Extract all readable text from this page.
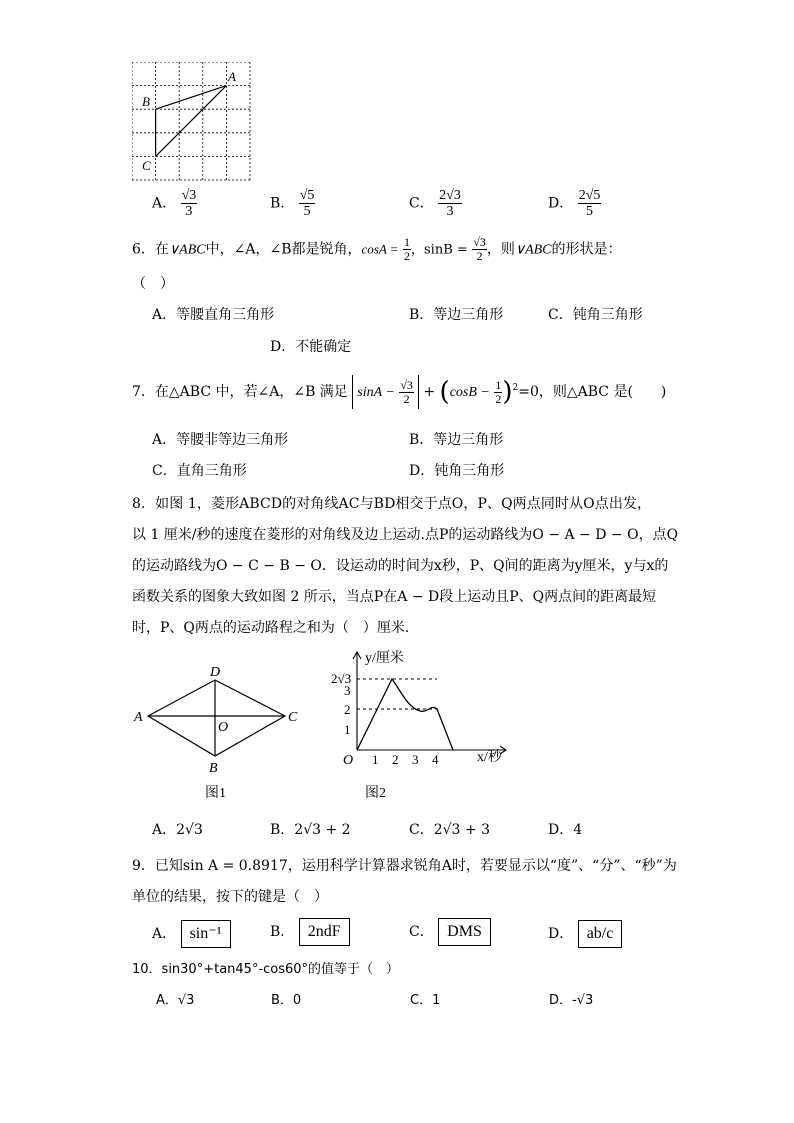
A
B
C
A． $\frac{√3}{3}$	B． $\frac{√5}{5}$	C． $\frac{2√3}{3}$	D． $\frac{2√5}{5}$
6．在∨ABC中，∠A，∠B都是锐角，$\cos A = \frac{1}{2}$，$\sin B = \frac{√3}{2}$，则∨ABC的形状是：
（　）
A．等腰直角三角形	B．等边三角形	C．钝角三角形
D．不能确定
7．在△ABC 中，若∠A，∠B 满足 $\sin A - \frac{√3}{2} + (\cos B - \frac{1}{2})^2=0$，则△ABC 是(　　)
A．等腰非等边三角形	B．等边三角形
C．直角三角形	D．钝角三角形
8．如图 1，菱形ABCD的对角线AC与BD相交于点O，P、Q两点同时从O点出发，
以 1 厘米/秒的速度在菱形的对角线及边上运动.点P的运动路线为O − A − D − O，点Q
的运动路线为O − C − B − O．设运动的时间为x秒，P、Q间的距离为y厘米，y与x的
函数关系的图象大致如图 2 所示，当点P在A − D段上运动且P、Q两点间的距离最短
时，P、Q两点的运动路程之和为（　）厘米．
A
D
C
B
O
图1
y/厘米
x/秒
O
2√3
3
2
1
1 2 3 4
图2
A．2√3	B．2√3 + 2	C．2√3 + 3	D．4
9．已知sin A = 0.8917，运用科学计算器求锐角A时，若要显示以“度”、“分”、“秒”为
单位的结果，按下的键是（　）
A． sin⁻¹	B． 2ndF	C． DMS	D． ab/c
10．sin30°+tan45°-cos60°的值等于（　）
A．√3	B．0	C．1	D．-√3
